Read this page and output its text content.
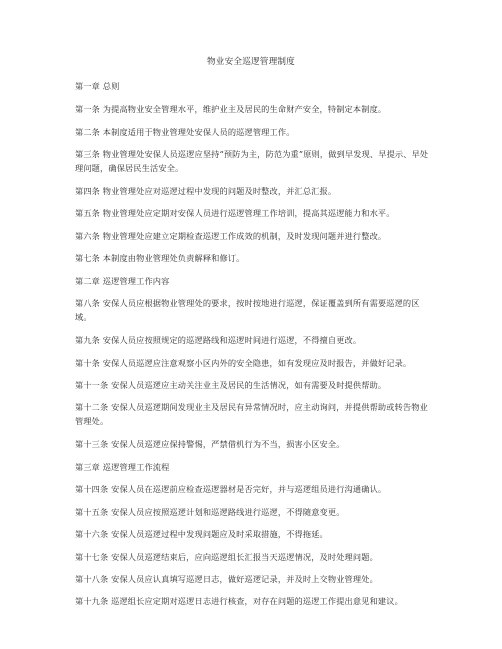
物业安全巡逻管理制度
第一章 总则
第一条 为提高物业安全管理水平，维护业主及居民的生命财产安全，特制定本制度。
第二条 本制度适用于物业管理处安保人员的巡逻管理工作。
第三条 物业管理处安保人员巡逻应坚持“预防为主，防范为重”原则，做到早发现、早提示、早处理问题，确保居民生活安全。
第四条 物业管理处应对巡逻过程中发现的问题及时整改，并汇总汇报。
第五条 物业管理处应定期对安保人员进行巡逻管理工作培训，提高其巡逻能力和水平。
第六条 物业管理处应建立定期检查巡逻工作成效的机制，及时发现问题并进行整改。
第七条 本制度由物业管理处负责解释和修订。
第二章 巡逻管理工作内容
第八条 安保人员应根据物业管理处的要求，按时按地进行巡逻，保证覆盖到所有需要巡逻的区域。
第九条 安保人员应按照规定的巡逻路线和巡逻时间进行巡逻，不得擅自更改。
第十条 安保人员巡逻应注意观察小区内外的安全隐患，如有发现应及时报告，并做好记录。
第十一条 安保人员巡逻应主动关注业主及居民的生活情况，如有需要及时提供帮助。
第十二条 安保人员巡逻期间发现业主及居民有异常情况时，应主动询问，并提供帮助或转告物业管理处。
第十三条 安保人员巡逻应保持警惕，严禁借机行为不当，损害小区安全。
第三章 巡逻管理工作流程
第十四条 安保人员在巡逻前应检查巡逻器材是否完好，并与巡逻组员进行沟通确认。
第十五条 安保人员应按照巡逻计划和巡逻路线进行巡逻，不得随意变更。
第十六条 安保人员巡逻过程中发现问题应及时采取措施，不得拖延。
第十七条 安保人员巡逻结束后，应向巡逻组长汇报当天巡逻情况，及时处理问题。
第十八条 安保人员应认真填写巡逻日志，做好巡逻记录，并及时上交物业管理处。
第十九条 巡逻组长应定期对巡逻日志进行核查，对存在问题的巡逻工作提出意见和建议。
